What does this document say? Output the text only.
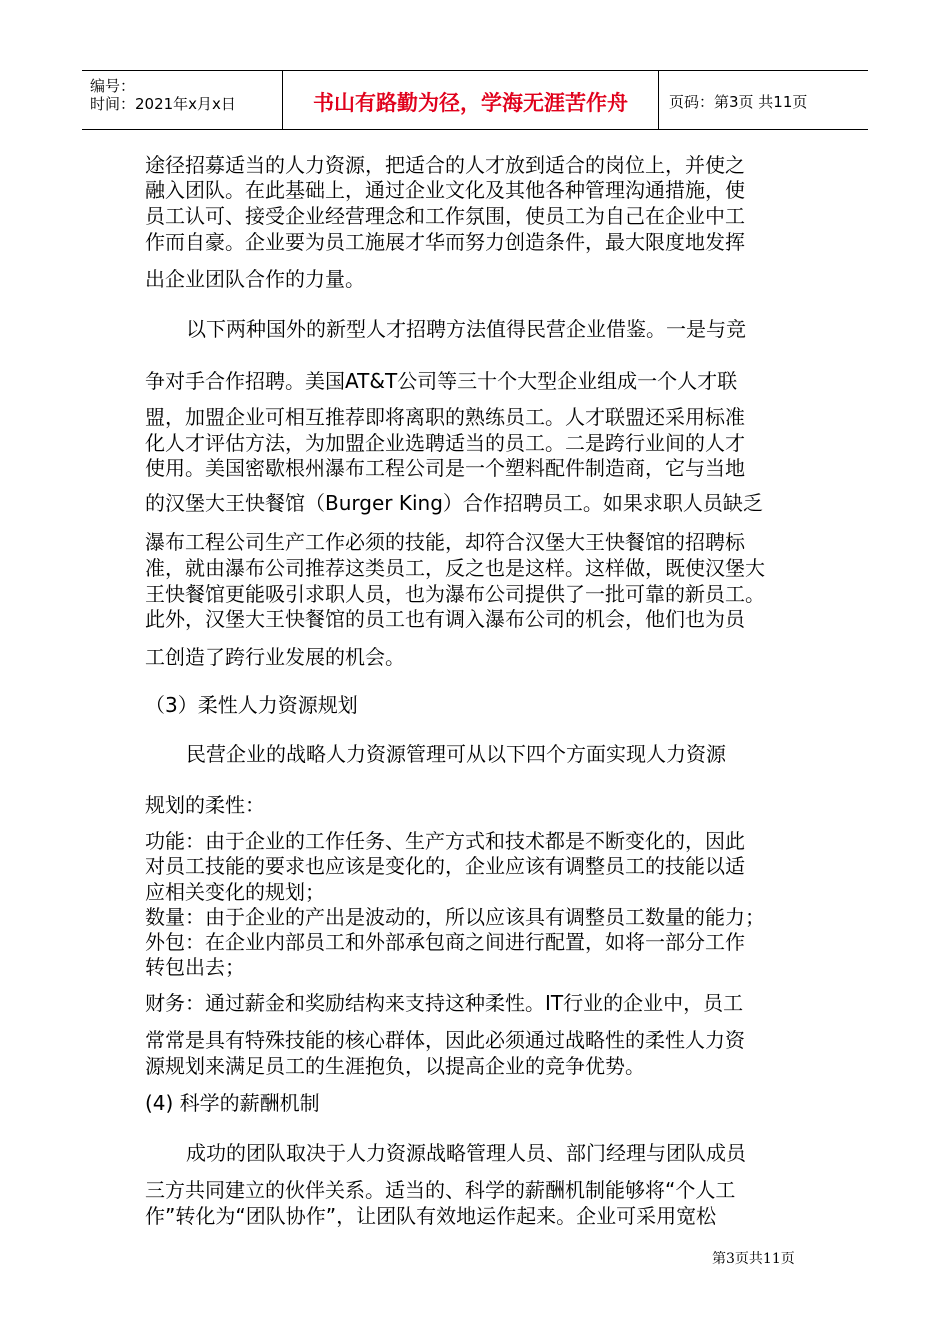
编号：
时间：2021年x月x日	书山有路勤为径，学海无涯苦作舟	页码：第3页 共11页
途径招募适当的人力资源，把适合的人才放到适合的岗位上，并使之
融入团队。在此基础上，通过企业文化及其他各种管理沟通措施，使
员工认可、接受企业经营理念和工作氛围，使员工为自己在企业中工
作而自豪。企业要为员工施展才华而努力创造条件，最大限度地发挥
出企业团队合作的力量。
以下两种国外的新型人才招聘方法值得民营企业借鉴。一是与竞
争对手合作招聘。美国AT&T公司等三十个大型企业组成一个人才联
盟，加盟企业可相互推荐即将离职的熟练员工。人才联盟还采用标准
化人才评估方法，为加盟企业选聘适当的员工。二是跨行业间的人才
使用。美国密歇根州瀑布工程公司是一个塑料配件制造商，它与当地
的汉堡大王快餐馆（Burger King）合作招聘员工。如果求职人员缺乏
瀑布工程公司生产工作必须的技能，却符合汉堡大王快餐馆的招聘标
准，就由瀑布公司推荐这类员工，反之也是这样。这样做，既使汉堡大
王快餐馆更能吸引求职人员，也为瀑布公司提供了一批可靠的新员工。
此外，汉堡大王快餐馆的员工也有调入瀑布公司的机会，他们也为员
工创造了跨行业发展的机会。
（3）柔性人力资源规划
民营企业的战略人力资源管理可从以下四个方面实现人力资源
规划的柔性：
功能：由于企业的工作任务、生产方式和技术都是不断变化的，因此
对员工技能的要求也应该是变化的，企业应该有调整员工的技能以适
应相关变化的规划；
数量：由于企业的产出是波动的，所以应该具有调整员工数量的能力；
外包：在企业内部员工和外部承包商之间进行配置，如将一部分工作
转包出去；
财务：通过薪金和奖励结构来支持这种柔性。IT行业的企业中，员工
常常是具有特殊技能的核心群体，因此必须通过战略性的柔性人力资
源规划来满足员工的生涯抱负，以提高企业的竞争优势。
(4) 科学的薪酬机制
成功的团队取决于人力资源战略管理人员、部门经理与团队成员
三方共同建立的伙伴关系。适当的、科学的薪酬机制能够将“个人工
作”转化为“团队协作”，让团队有效地运作起来。企业可采用宽松
第3页共11页
